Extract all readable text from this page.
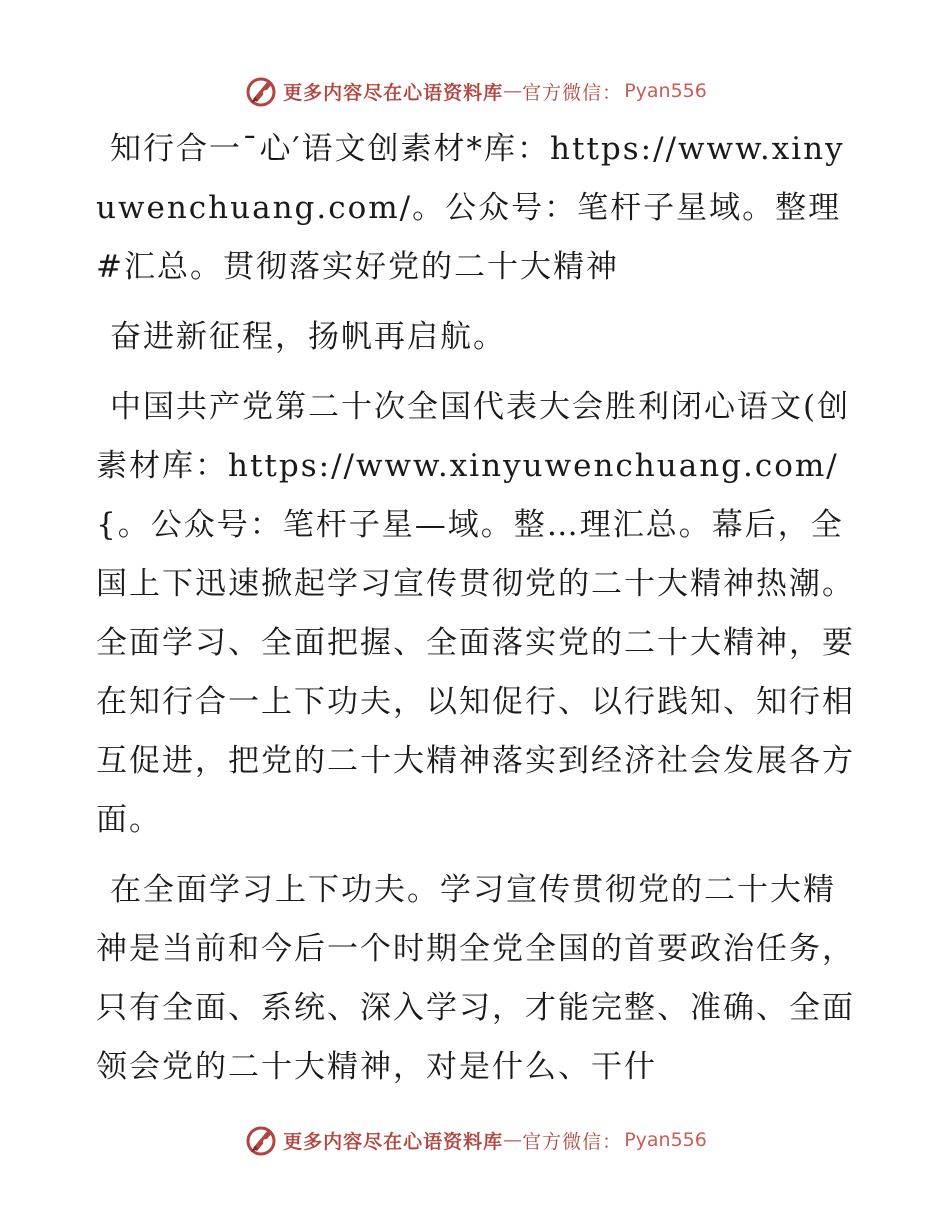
更多内容尽在心语资料库 — 官方微信： Pyan556

知行合一¯心′语文创素材*库：https://www.xinyuwenchuang.com/。公众号：笔杆子星域。整理#汇总。贯彻落实好党的二十大精神

奋进新征程，扬帆再启航。

中国共产党第二十次全国代表大会胜利闭心语文(创素材库：https://www.xinyuwenchuang.com/{。公众号：笔杆子星—域。整…理汇总。幕后，全国上下迅速掀起学习宣传贯彻党的二十大精神热潮。全面学习、全面把握、全面落实党的二十大精神，要在知行合一上下功夫，以知促行、以行践知、知行相互促进，把党的二十大精神落实到经济社会发展各方面。

在全面学习上下功夫。学习宣传贯彻党的二十大精神是当前和今后一个时期全党全国的首要政治任务，只有全面、系统、深入学习，才能完整、准确、全面领会党的二十大精神，对是什么、干什

更多内容尽在心语资料库 — 官方微信： Pyan556
